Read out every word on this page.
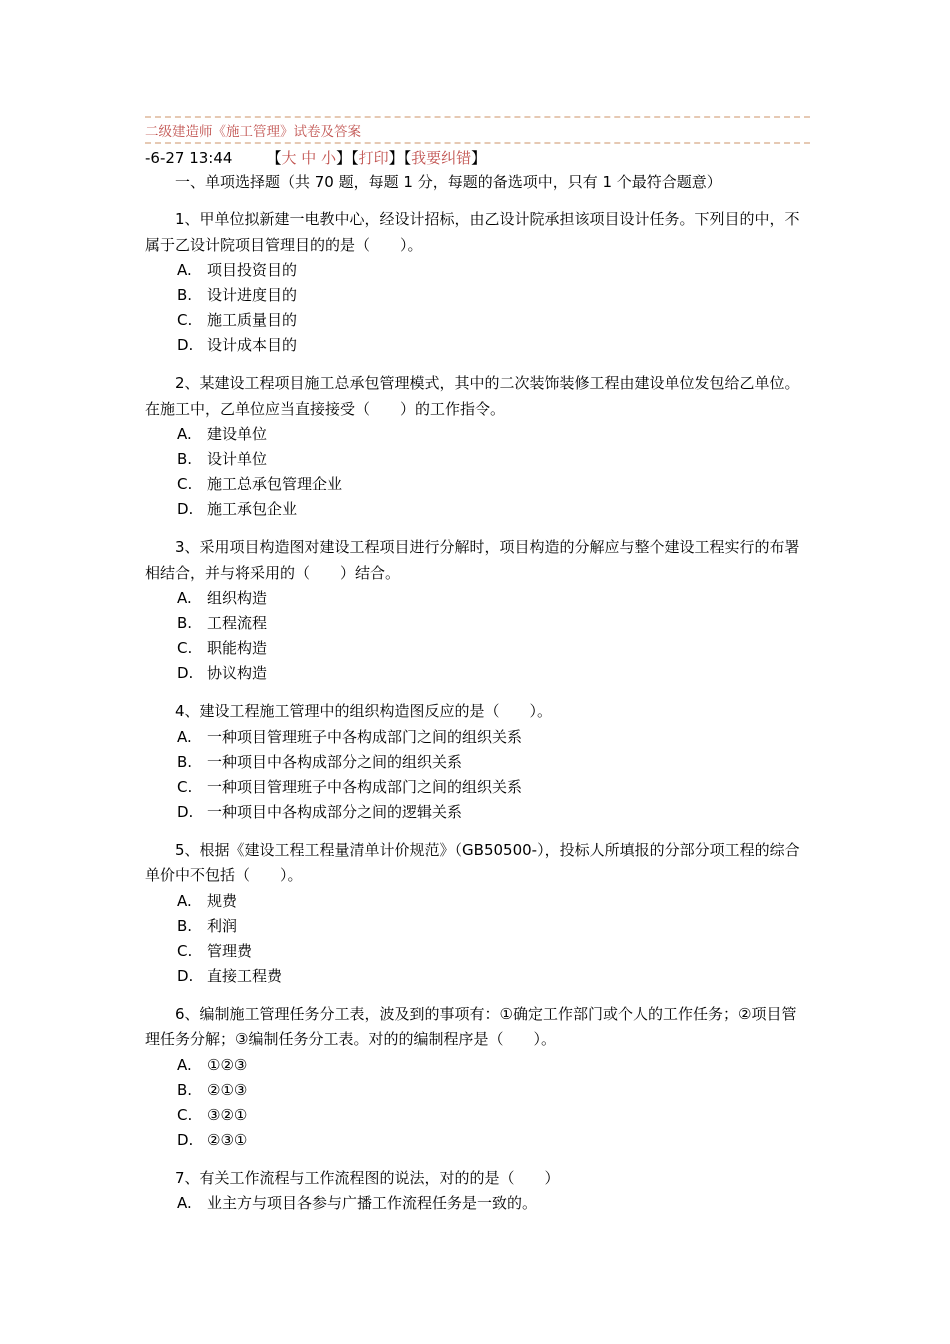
二级建造师《施工管理》试卷及答案
-6-27 13:44 【大 中 小】【打印】【我要纠错】
一、单项选择题（共 70 题，每题 1 分，每题的备选项中，只有 1 个最符合题意）

1、甲单位拟新建一电教中心，经设计招标，由乙设计院承担该项目设计任务。下列目的中，不属于乙设计院项目管理目的的是（　　）。

A. 项目投资目的
B. 设计进度目的
C. 施工质量目的
D. 设计成本目的

2、某建设工程项目施工总承包管理模式，其中的二次装饰装修工程由建设单位发包给乙单位。在施工中，乙单位应当直接接受（　　）的工作指令。

A. 建设单位
B. 设计单位
C. 施工总承包管理企业
D. 施工承包企业

3、采用项目构造图对建设工程项目进行分解时，项目构造的分解应与整个建设工程实行的布署相结合，并与将采用的（　　）结合。

A. 组织构造
B. 工程流程
C. 职能构造
D. 协议构造

4、建设工程施工管理中的组织构造图反应的是（　　）。

A. 一种项目管理班子中各构成部门之间的组织关系
B. 一种项目中各构成部分之间的组织关系
C. 一种项目管理班子中各构成部门之间的组织关系
D. 一种项目中各构成部分之间的逻辑关系

5、根据《建设工程工程量清单计价规范》（GB50500-），投标人所填报的分部分项工程的综合单价中不包括（　　）。

A. 规费
B. 利润
C. 管理费
D. 直接工程费

6、编制施工管理任务分工表，波及到的事项有：①确定工作部门或个人的工作任务；②项目管理任务分解；③编制任务分工表。对的的编制程序是（　　）。

A. ①②③
B. ②①③
C. ③②①
D. ②③①

7、有关工作流程与工作流程图的说法，对的的是（　　）

A. 业主方与项目各参与广播工作流程任务是一致的。
